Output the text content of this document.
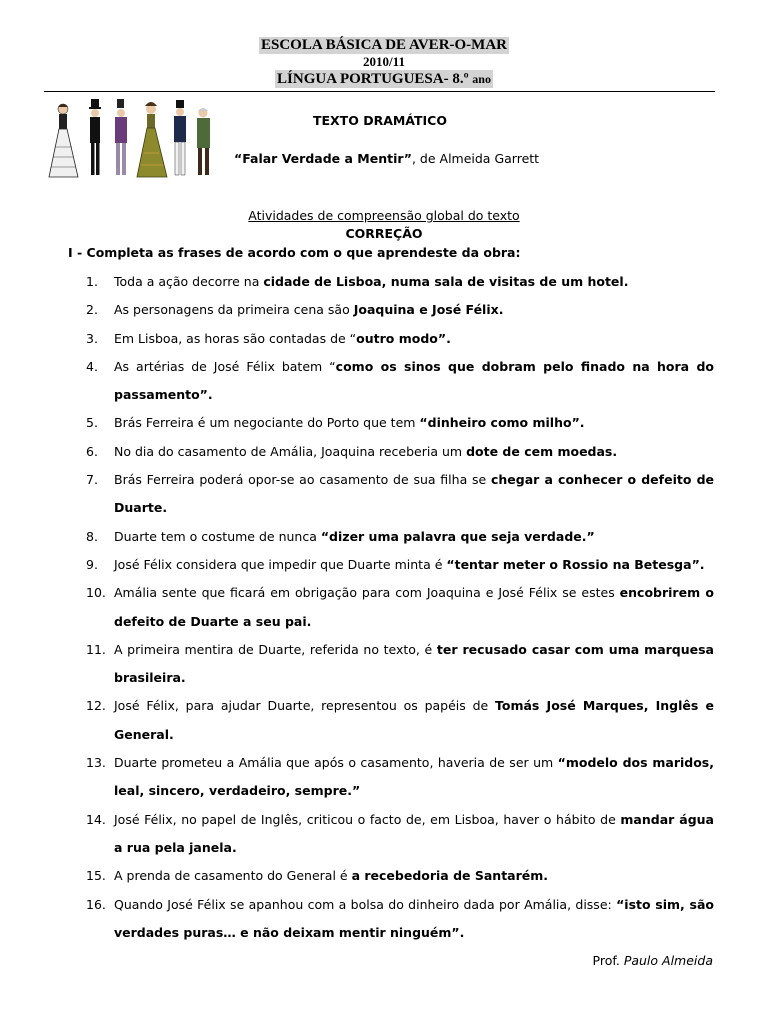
ESCOLA BÁSICA DE AVER-O-MAR
2010/11
LÍNGUA PORTUGUESA- 8.º ano
TEXTO DRAMÁTICO
“Falar Verdade a Mentir”, de Almeida Garrett
Atividades de compreensão global do texto
CORREÇÃO
I - Completa as frases de acordo com o que aprendeste da obra:
1.	Toda a ação decorre na cidade de Lisboa, numa sala de visitas de um hotel.
2.	As personagens da primeira cena são Joaquina e José Félix.
3.	Em Lisboa, as horas são contadas de “outro modo”.
4.	As artérias de José Félix batem “como os sinos que dobram pelo finado na hora do passamento”.
5.	Brás Ferreira é um negociante do Porto que tem “dinheiro como milho”.
6.	No dia do casamento de Amália, Joaquina receberia um dote de cem moedas.
7.	Brás Ferreira poderá opor-se ao casamento de sua filha se chegar a conhecer o defeito de Duarte.
8.	Duarte tem o costume de nunca “dizer uma palavra que seja verdade.”
9.	José Félix considera que impedir que Duarte minta é “tentar meter o Rossio na Betesga”.
10. Amália sente que ficará em obrigação para com Joaquina e José Félix se estes encobrirem o defeito de Duarte a seu pai.
11. A primeira mentira de Duarte, referida no texto, é ter recusado casar com uma marquesa brasileira.
12. José Félix, para ajudar Duarte, representou os papéis de Tomás José Marques, Inglês e General.
13. Duarte prometeu a Amália que após o casamento, haveria de ser um “modelo dos maridos, leal, sincero, verdadeiro, sempre.”
14. José Félix, no papel de Inglês, criticou o facto de, em Lisboa, haver o hábito de mandar água a rua pela janela.
15. A prenda de casamento do General é a recebedoria de Santarém.
16. Quando José Félix se apanhou com a bolsa do dinheiro dada por Amália, disse: “isto sim, são verdades puras… e não deixam mentir ninguém”.
Prof. Paulo Almeida
